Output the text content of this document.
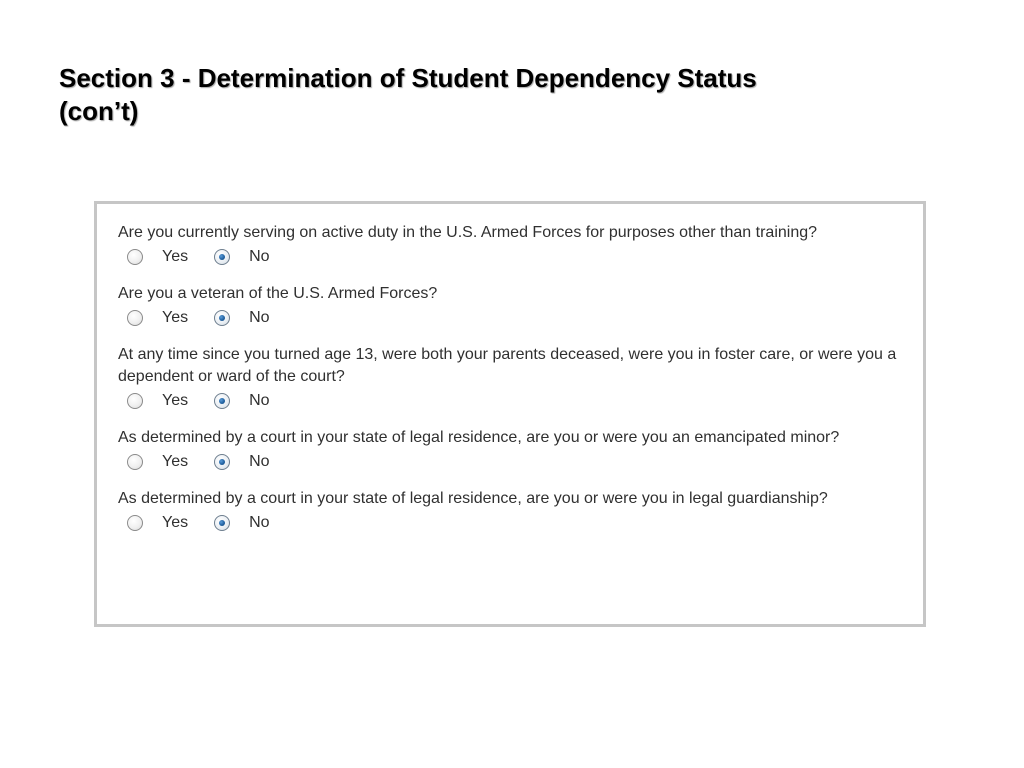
Section 3 - Determination of Student Dependency Status
(con’t)

Are you currently serving on active duty in the U.S. Armed Forces for purposes other than training?

Yes	No

Are you a veteran of the U.S. Armed Forces?

Yes	No

At any time since you turned age 13, were both your parents deceased, were you in foster care, or were you a dependent or ward of the court?

Yes	No

As determined by a court in your state of legal residence, are you or were you an emancipated minor?

Yes	No

As determined by a court in your state of legal residence, are you or were you in legal guardianship?

Yes	No
